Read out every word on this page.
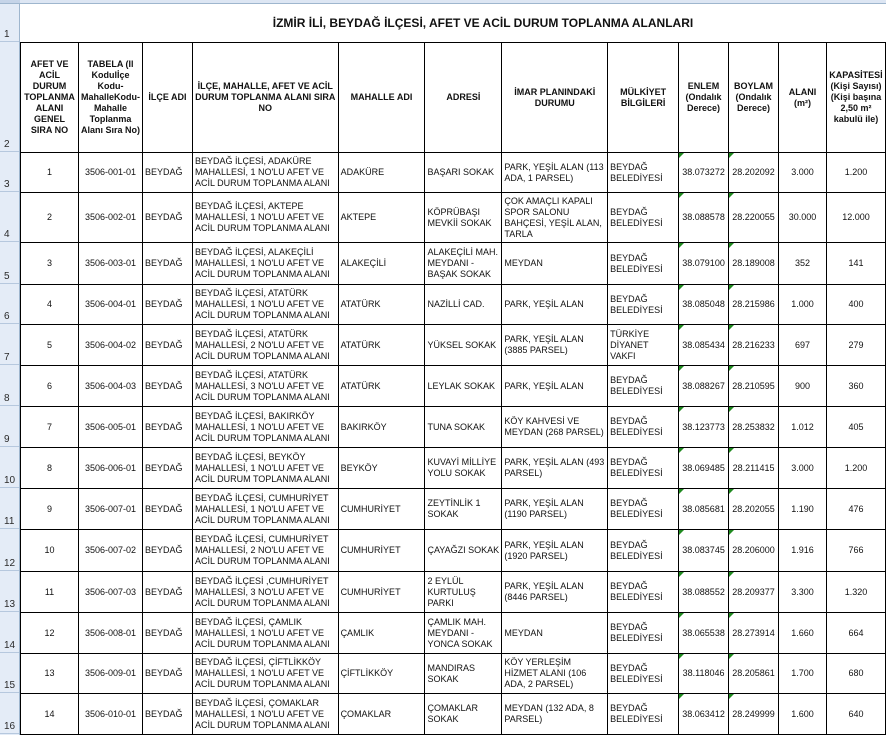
1
2
3
4
5
6
7
8
9
10
11
12
13
14
15
16
İZMİR İLİ, BEYDAĞ İLÇESİ, AFET VE ACİL DURUM TOPLANMA ALANLARI
AFET VE ACİL DURUM TOPLANMA ALANI GENEL SIRA NO	TABELA (Il Kodulİçe Kodu-MahalleKodu-Mahalle Toplanma Alanı Sıra No)	İLÇE ADI	İLÇE, MAHALLE, AFET VE ACİL DURUM TOPLANMA ALANI SIRA NO	MAHALLE ADI	ADRESİ	İMAR PLANINDAKİ DURUMU	MÜLKİYET BİLGİLERİ	ENLEM (Ondalık Derece)	BOYLAM (Ondalık Derece)	ALANI (m²)	KAPASİTESİ (Kişi Sayısı) (Kişi başına 2,50 m² kabulü ile)
1	3506-001-01	BEYDAĞ	BEYDAĞ İLÇESİ, ADAKÜRE MAHALLESİ, 1 NO'LU AFET VE ACİL DURUM TOPLANMA ALANI	ADAKÜRE	BAŞARI SOKAK	PARK, YEŞİL ALAN (113 ADA, 1 PARSEL)	BEYDAĞ BELEDİYESİ	38.073272	28.202092	3.000	1.200
2	3506-002-01	BEYDAĞ	BEYDAĞ İLÇESİ, AKTEPE MAHALLESİ, 1 NO'LU AFET VE ACİL DURUM TOPLANMA ALANI	AKTEPE	KÖPRÜBAŞI MEVKİİ SOKAK	ÇOK AMAÇLI KAPALI SPOR SALONU BAHÇESİ, YEŞİL ALAN, TARLA	BEYDAĞ BELEDİYESİ	38.088578	28.220055	30.000	12.000
3	3506-003-01	BEYDAĞ	BEYDAĞ İLÇESİ, ALAKEÇİLİ MAHALLESİ, 1 NO'LU AFET VE ACİL DURUM TOPLANMA ALANI	ALAKEÇİLİ	ALAKEÇİLİ MAH. MEYDANI - BAŞAK SOKAK	MEYDAN	BEYDAĞ BELEDİYESİ	38.079100	28.189008	352	141
4	3506-004-01	BEYDAĞ	BEYDAĞ İLÇESİ, ATATÜRK MAHALLESİ, 1 NO'LU AFET VE ACİL DURUM TOPLANMA ALANI	ATATÜRK	NAZİLLİ CAD.	PARK, YEŞİL ALAN	BEYDAĞ BELEDİYESİ	38.085048	28.215986	1.000	400
5	3506-004-02	BEYDAĞ	BEYDAĞ İLÇESİ, ATATÜRK MAHALLESİ, 2 NO'LU AFET VE ACİL DURUM TOPLANMA ALANI	ATATÜRK	YÜKSEL SOKAK	PARK, YEŞİL ALAN (3885 PARSEL)	TÜRKİYE DİYANET VAKFI	38.085434	28.216233	697	279
6	3506-004-03	BEYDAĞ	BEYDAĞ İLÇESİ, ATATÜRK MAHALLESİ, 3 NO'LU AFET VE ACİL DURUM TOPLANMA ALANI	ATATÜRK	LEYLAK SOKAK	PARK, YEŞİL ALAN	BEYDAĞ BELEDİYESİ	38.088267	28.210595	900	360
7	3506-005-01	BEYDAĞ	BEYDAĞ İLÇESİ, BAKIRKÖY MAHALLESİ, 1 NO'LU AFET VE ACİL DURUM TOPLANMA ALANI	BAKIRKÖY	TUNA SOKAK	KÖY KAHVESİ VE MEYDAN (268 PARSEL)	BEYDAĞ BELEDİYESİ	38.123773	28.253832	1.012	405
8	3506-006-01	BEYDAĞ	BEYDAĞ İLÇESİ, BEYKÖY MAHALLESİ, 1 NO'LU AFET VE ACİL DURUM TOPLANMA ALANI	BEYKÖY	KUVAYİ MİLLİYE YOLU SOKAK	PARK, YEŞİL ALAN (493 PARSEL)	BEYDAĞ BELEDİYESİ	38.069485	28.211415	3.000	1.200
9	3506-007-01	BEYDAĞ	BEYDAĞ İLÇESİ, CUMHURİYET MAHALLESİ, 1 NO'LU AFET VE ACİL DURUM TOPLANMA ALANI	CUMHURİYET	ZEYTİNLİK 1 SOKAK	PARK, YEŞİL ALAN (1190 PARSEL)	BEYDAĞ BELEDİYESİ	38.085681	28.202055	1.190	476
10	3506-007-02	BEYDAĞ	BEYDAĞ İLÇESİ, CUMHURİYET MAHALLESİ, 2 NO'LU AFET VE ACİL DURUM TOPLANMA ALANI	CUMHURİYET	ÇAYAĞZI SOKAK	PARK, YEŞİL ALAN (1920 PARSEL)	BEYDAĞ BELEDİYESİ	38.083745	28.206000	1.916	766
11	3506-007-03	BEYDAĞ	BEYDAĞ İLÇESİ ,CUMHURİYET MAHALLESİ, 3 NO'LU AFET VE ACİL DURUM TOPLANMA ALANI	CUMHURİYET	2 EYLÜL KURTULUŞ PARKI	PARK, YEŞİL ALAN (8446 PARSEL)	BEYDAĞ BELEDİYESİ	38.088552	28.209377	3.300	1.320
12	3506-008-01	BEYDAĞ	BEYDAĞ İLÇESİ, ÇAMLIK MAHALLESİ, 1 NO'LU AFET VE ACİL DURUM TOPLANMA ALANI	ÇAMLIK	ÇAMLIK MAH. MEYDANI - YONCA SOKAK	MEYDAN	BEYDAĞ BELEDİYESİ	38.065538	28.273914	1.660	664
13	3506-009-01	BEYDAĞ	BEYDAĞ İLÇESİ, ÇİFTLİKKÖY MAHALLESİ, 1 NO'LU AFET VE ACİL DURUM TOPLANMA ALANI	ÇİFTLİKKÖY	MANDIRAS SOKAK	KÖY YERLEŞİM HİZMET ALANI (106 ADA, 2 PARSEL)	BEYDAĞ BELEDİYESİ	38.118046	28.205861	1.700	680
14	3506-010-01	BEYDAĞ	BEYDAĞ İLÇESİ, ÇOMAKLAR MAHALLESİ, 1 NO'LU AFET VE ACİL DURUM TOPLANMA ALANI	ÇOMAKLAR	ÇOMAKLAR SOKAK	MEYDAN (132 ADA, 8 PARSEL)	BEYDAĞ BELEDİYESİ	38.063412	28.249999	1.600	640
